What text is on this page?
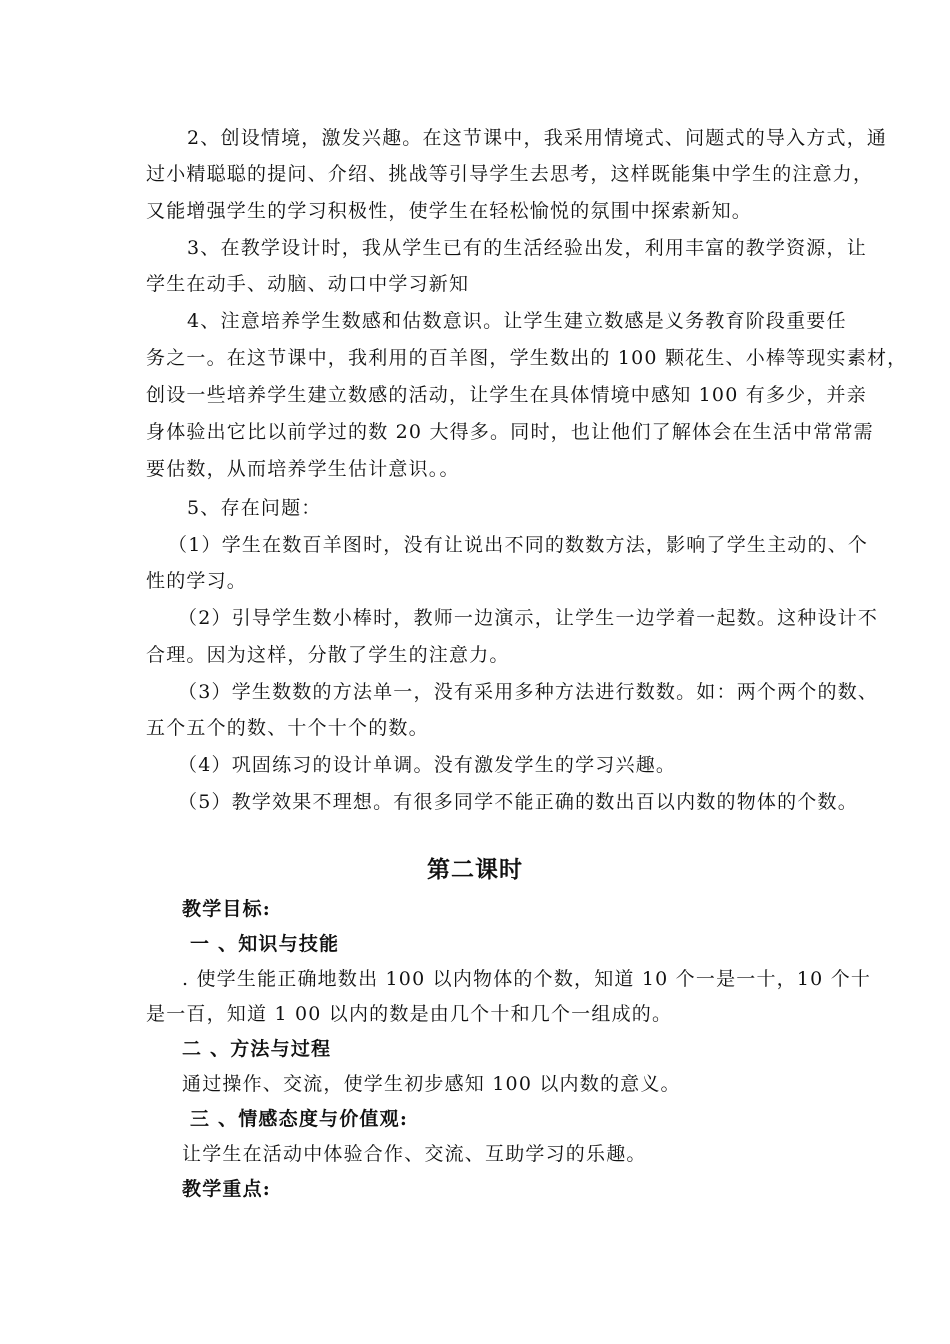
2、创设情境，激发兴趣。在这节课中，我采用情境式、问题式的导入方式，通
过小精聪聪的提问、介绍、挑战等引导学生去思考，这样既能集中学生的注意力，
又能增强学生的学习积极性，使学生在轻松愉悦的氛围中探索新知。
3、在教学设计时，我从学生已有的生活经验出发，利用丰富的教学资源，让
学生在动手、动脑、动口中学习新知
4、注意培养学生数感和估数意识。让学生建立数感是义务教育阶段重要任
务之一。在这节课中，我利用的百羊图，学生数出的 100 颗花生、小棒等现实素材，
创设一些培养学生建立数感的活动，让学生在具体情境中感知 100 有多少，并亲
身体验出它比以前学过的数 20 大得多。同时，也让他们了解体会在生活中常常需
要估数，从而培养学生估计意识。。
5、存在问题：
（1）学生在数百羊图时，没有让说出不同的数数方法，影响了学生主动的、个
性的学习。
（2）引导学生数小棒时，教师一边演示，让学生一边学着一起数。这种设计不
合理。因为这样，分散了学生的注意力。
（3）学生数数的方法单一，没有采用多种方法进行数数。如：两个两个的数、
五个五个的数、十个十个的数。
（4）巩固练习的设计单调。没有激发学生的学习兴趣。
（5）教学效果不理想。有很多同学不能正确的数出百以内数的物体的个数。
第二课时
教学目标:
一 、知识与技能
. 使学生能正确地数出 100 以内物体的个数，知道 10 个一是一十，10 个十
是一百，知道 1 00 以内的数是由几个十和几个一组成的。
二 、方法与过程
通过操作、交流，使学生初步感知 100 以内数的意义。
三 、情感态度与价值观:
让学生在活动中体验合作、交流、互助学习的乐趣。
教学重点:
